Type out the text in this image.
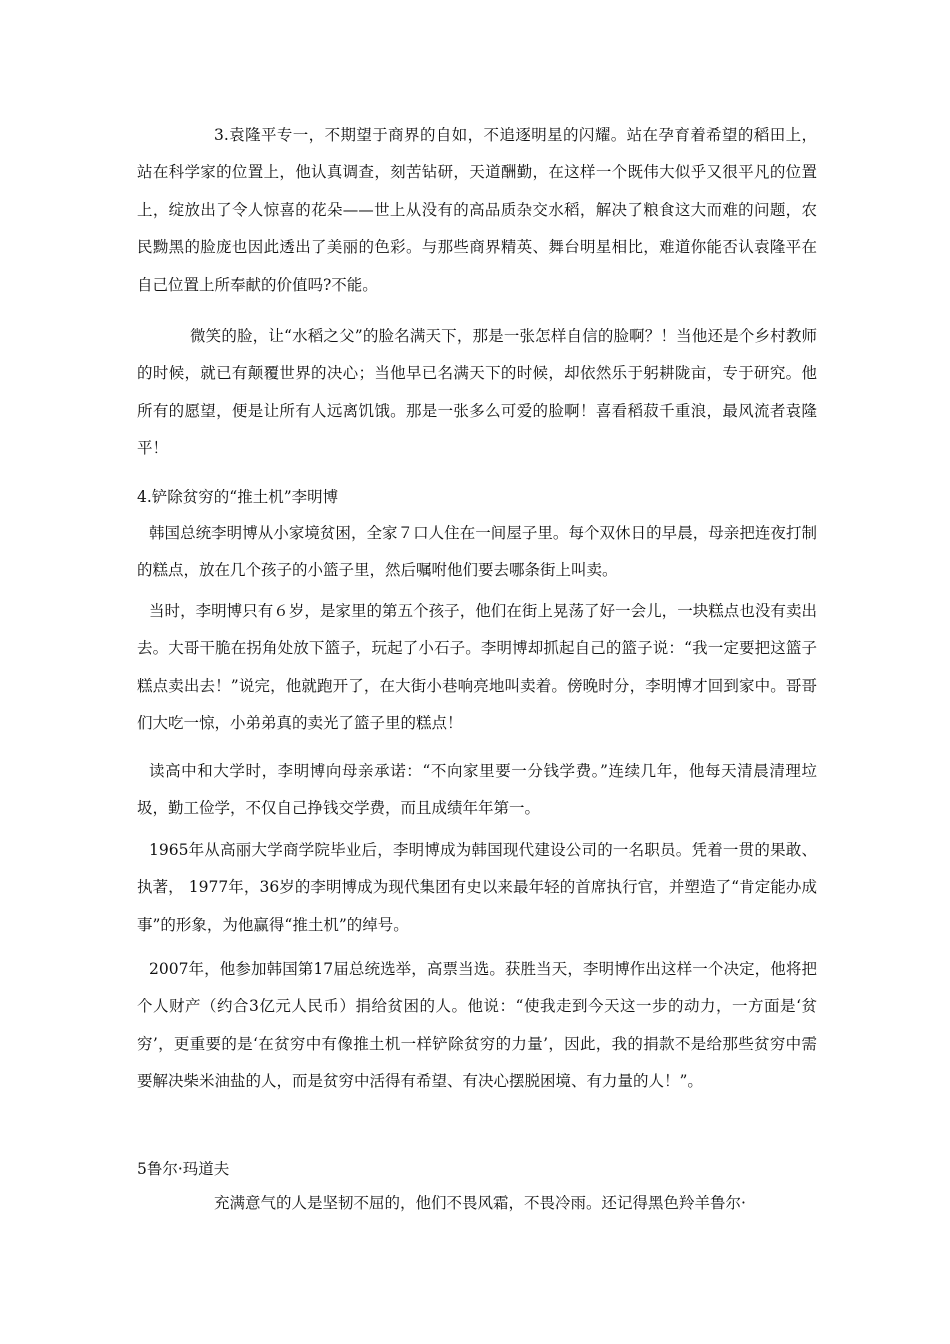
3.袁隆平专一，不期望于商界的自如，不追逐明星的闪耀。站在孕育着希望的稻田上，站在科学家的位置上，他认真调查，刻苦钻研，天道酬勤，在这样一个既伟大似乎又很平凡的位置上，绽放出了令人惊喜的花朵——世上从没有的高品质杂交水稻，解决了粮食这大而难的问题，农民黝黑的脸庞也因此透出了美丽的色彩。与那些商界精英、舞台明星相比，难道你能否认袁隆平在自己位置上所奉献的价值吗?不能。

微笑的脸，让“水稻之父”的脸名满天下，那是一张怎样自信的脸啊？！当他还是个乡村教师的时候，就已有颠覆世界的决心；当他早已名满天下的时候，却依然乐于躬耕陇亩，专于研究。他所有的愿望，便是让所有人远离饥饿。那是一张多么可爱的脸啊！喜看稻菽千重浪，最风流者袁隆平！

4.铲除贫穷的“推土机”李明博

韩国总统李明博从小家境贫困，全家７口人住在一间屋子里。每个双休日的早晨，母亲把连夜打制的糕点，放在几个孩子的小篮子里，然后嘱咐他们要去哪条街上叫卖。

当时，李明博只有６岁，是家里的第五个孩子，他们在街上晃荡了好一会儿，一块糕点也没有卖出去。大哥干脆在拐角处放下篮子，玩起了小石子。李明博却抓起自己的篮子说：“我一定要把这篮子糕点卖出去！”说完，他就跑开了，在大街小巷响亮地叫卖着。傍晚时分，李明博才回到家中。哥哥们大吃一惊，小弟弟真的卖光了篮子里的糕点！

读高中和大学时，李明博向母亲承诺：“不向家里要一分钱学费。”连续几年，他每天清晨清理垃圾，勤工俭学，不仅自己挣钱交学费，而且成绩年年第一。

1965年从高丽大学商学院毕业后，李明博成为韩国现代建设公司的一名职员。凭着一贯的果敢、执著， 1977年，36岁的李明博成为现代集团有史以来最年轻的首席执行官，并塑造了“肯定能办成事”的形象，为他赢得“推土机”的绰号。

2007年，他参加韩国第17届总统选举，高票当选。获胜当天，李明博作出这样一个决定，他将把个人财产（约合3亿元人民币）捐给贫困的人。他说：“使我走到今天这一步的动力，一方面是‘贫穷’，更重要的是‘在贫穷中有像推土机一样铲除贫穷的力量’，因此，我的捐款不是给那些贫穷中需要解决柴米油盐的人，而是贫穷中活得有希望、有决心摆脱困境、有力量的人！”。

5鲁尔·玛道夫

充满意气的人是坚韧不屈的，他们不畏风霜，不畏冷雨。还记得黑色羚羊鲁尔·
